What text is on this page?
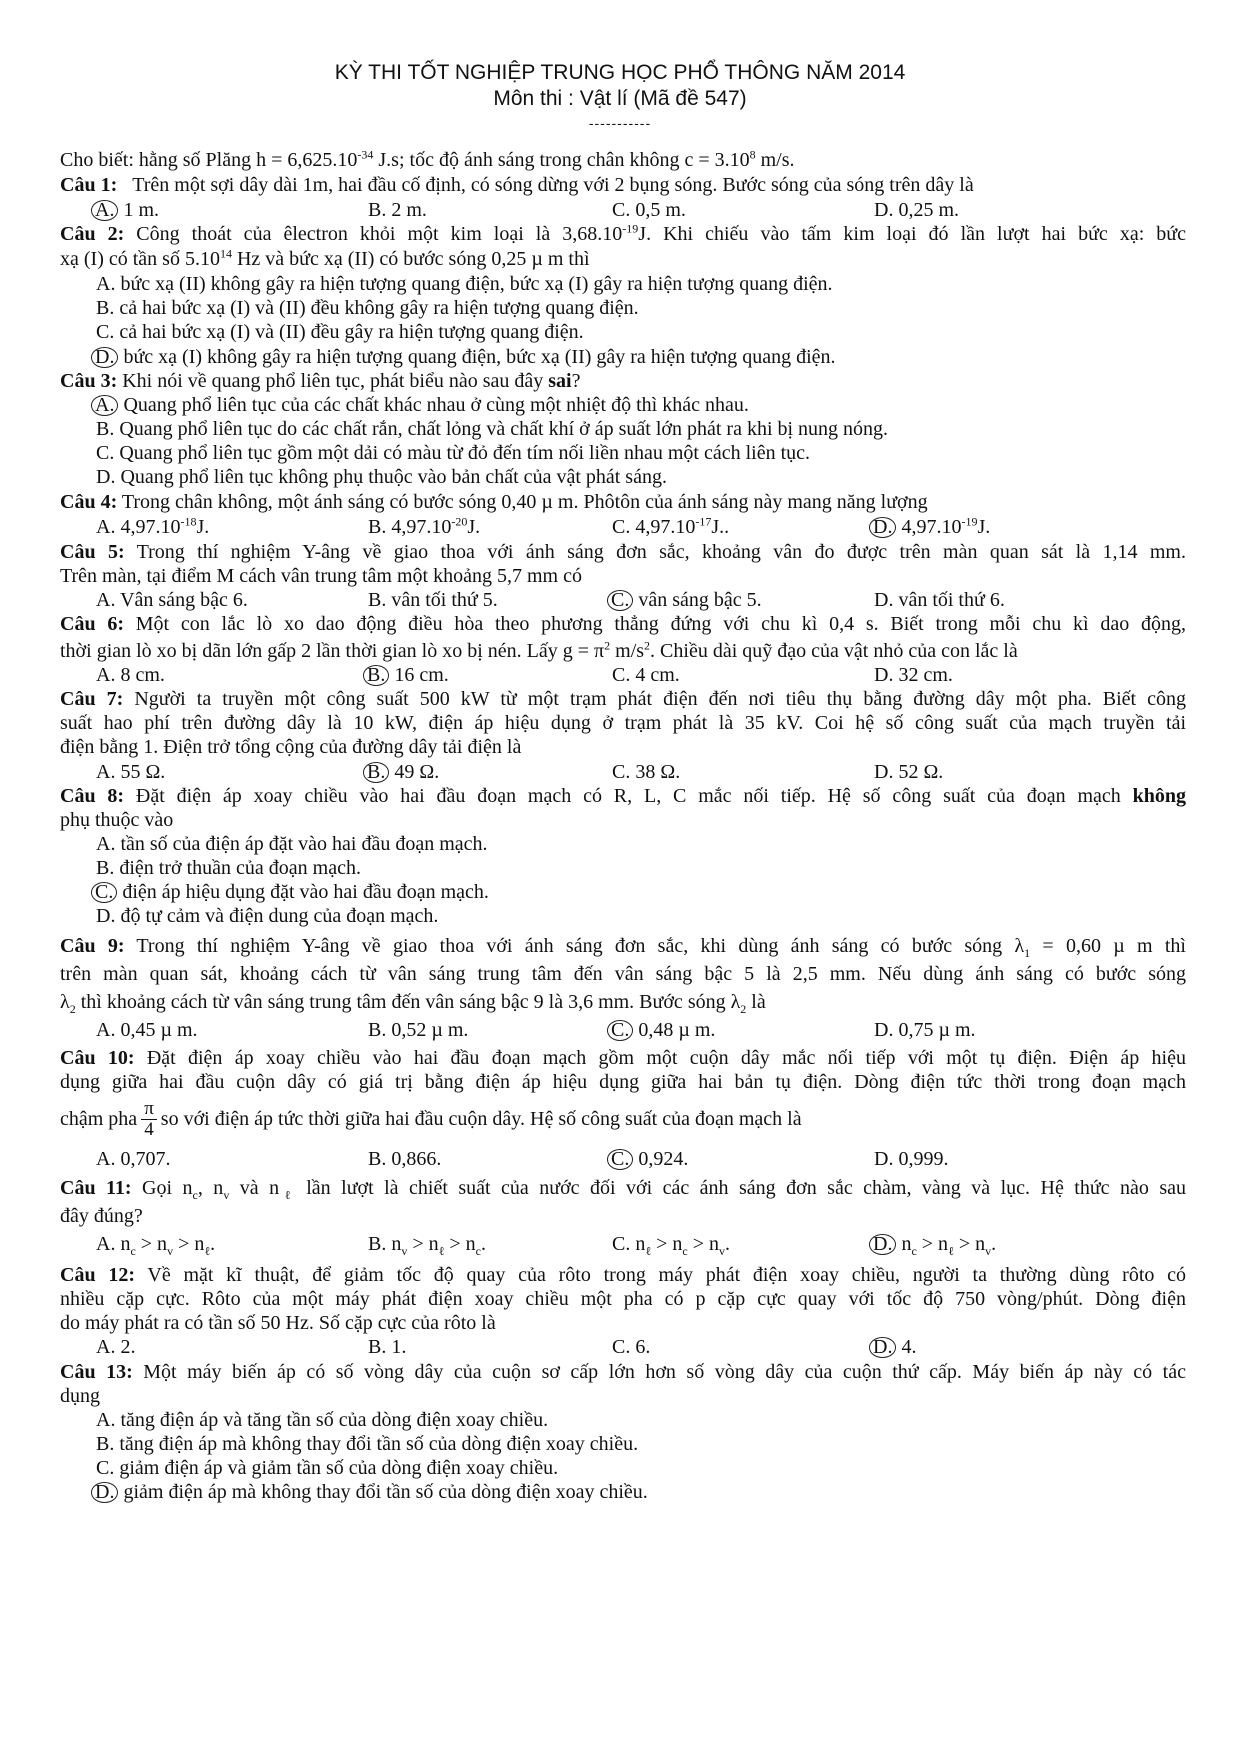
KỲ THI TỐT NGHIỆP TRUNG HỌC PHỔ THÔNG NĂM 2014
Môn thi : Vật lí (Mã đề 547)
-----------
Cho biết: hằng số Plăng $h = 6,625.10^{-34}$ J.s; tốc độ ánh sáng trong chân không $c = 3.10^8$ m/s.
Câu 1: Trên một sợi dây dài 1m, hai đầu cố định, có sóng dừng với 2 bụng sóng. Bước sóng của sóng trên dây là
A. 1 m.	B. 2 m.	C. 0,5 m.	D. 0,25 m.
Câu 2: Công thoát của êlectron khỏi một kim loại là $3,68.10^{-19}J$. Khi chiếu vào tấm kim loại đó lần lượt hai bức xạ: bức
xạ (I) có tần số 5.10$^{14}$ Hz và bức xạ (II) có bước sóng 0,25 µ m thì
A. bức xạ (II) không gây ra hiện tượng quang điện, bức xạ (I) gây ra hiện tượng quang điện.
B. cả hai bức xạ (I) và (II) đều không gây ra hiện tượng quang điện.
C. cả hai bức xạ (I) và (II) đều gây ra hiện tượng quang điện.
D. bức xạ (I) không gây ra hiện tượng quang điện, bức xạ (II) gây ra hiện tượng quang điện.
Câu 3: Khi nói về quang phổ liên tục, phát biểu nào sau đây sai?
A. Quang phổ liên tục của các chất khác nhau ở cùng một nhiệt độ thì khác nhau.
B. Quang phổ liên tục do các chất rắn, chất lỏng và chất khí ở áp suất lớn phát ra khi bị nung nóng.
C. Quang phổ liên tục gồm một dải có màu từ đỏ đến tím nối liền nhau một cách liên tục.
D. Quang phổ liên tục không phụ thuộc vào bản chất của vật phát sáng.
Câu 4: Trong chân không, một ánh sáng có bước sóng 0,40 µ m. Phôtôn của ánh sáng này mang năng lượng
A. $4,97.10^{-18}J$.	B. $4,97.10^{-20}J$.	C. $4,97.10^{-17}J$..	D. $4,97.10^{-19}J$.
Câu 5: Trong thí nghiệm Y-âng về giao thoa với ánh sáng đơn sắc, khoảng vân đo được trên màn quan sát là 1,14 mm.
Trên màn, tại điểm M cách vân trung tâm một khoảng 5,7 mm có
A. Vân sáng bậc 6.	B. vân tối thứ 5.	C. vân sáng bậc 5.	D. vân tối thứ 6.
Câu 6: Một con lắc lò xo dao động điều hòa theo phương thẳng đứng với chu kì 0,4 s. Biết trong mỗi chu kì dao động,
thời gian lò xo bị dãn lớn gấp 2 lần thời gian lò xo bị nén. Lấy $g = \pi^2$ $m/s^2$. Chiều dài quỹ đạo của vật nhỏ của con lắc là
A. 8 cm.	B. 16 cm.	C. 4 cm.	D. 32 cm.
Câu 7: Người ta truyền một công suất 500 kW từ một trạm phát điện đến nơi tiêu thụ bằng đường dây một pha. Biết công
suất hao phí trên đường dây là 10 kW, điện áp hiệu dụng ở trạm phát là 35 kV. Coi hệ số công suất của mạch truyền tải
điện bằng 1. Điện trở tổng cộng của đường dây tải điện là
A. 55 Ω.	B. 49 Ω.	C. 38 Ω.	D. 52 Ω.
Câu 8: Đặt điện áp xoay chiều vào hai đầu đoạn mạch có R, L, C mắc nối tiếp. Hệ số công suất của đoạn mạch không
phụ thuộc vào
A. tần số của điện áp đặt vào hai đầu đoạn mạch.
B. điện trở thuần của đoạn mạch.
C. điện áp hiệu dụng đặt vào hai đầu đoạn mạch.
D. độ tự cảm và điện dung của đoạn mạch.
Câu 9: Trong thí nghiệm Y-âng về giao thoa với ánh sáng đơn sắc, khi dùng ánh sáng có bước sóng $\lambda_1 = 0,60$ µ m thì
trên màn quan sát, khoảng cách từ vân sáng trung tâm đến vân sáng bậc 5 là 2,5 mm. Nếu dùng ánh sáng có bước sóng
$\lambda_2$ thì khoảng cách từ vân sáng trung tâm đến vân sáng bậc 9 là 3,6 mm. Bước sóng $\lambda_2$ là
A. 0,45 µ m.	B. 0,52 µ m.	C. 0,48 µ m.	D. 0,75 µ m.
Câu 10: Đặt điện áp xoay chiều vào hai đầu đoạn mạch gồm một cuộn dây mắc nối tiếp với một tụ điện. Điện áp hiệu
dụng giữa hai đầu cuộn dây có giá trị bằng điện áp hiệu dụng giữa hai bản tụ điện. Dòng điện tức thời trong đoạn mạch
chậm pha $\frac{\pi}{4}$ so với điện áp tức thời giữa hai đầu cuộn dây. Hệ số công suất của đoạn mạch là
A. 0,707.	B. 0,866.	C. 0,924.	D. 0,999.
Câu 11: Gọi $n_c$, $n_v$ và $n_\ell$ lần lượt là chiết suất của nước đối với các ánh sáng đơn sắc chàm, vàng và lục. Hệ thức nào sau
đây đúng?
A. $n_c > n_v > n_\ell$.	B. $n_v > n_\ell > n_c$.	C. $n_\ell > n_c > n_v$.	D. $n_c > n_\ell > n_v$.
Câu 12: Về mặt kĩ thuật, để giảm tốc độ quay của rôto trong máy phát điện xoay chiều, người ta thường dùng rôto có
nhiều cặp cực. Rôto của một máy phát điện xoay chiều một pha có p cặp cực quay với tốc độ 750 vòng/phút. Dòng điện
do máy phát ra có tần số 50 Hz. Số cặp cực của rôto là
A. 2.	B. 1.	C. 6.	D. 4.
Câu 13: Một máy biến áp có số vòng dây của cuộn sơ cấp lớn hơn số vòng dây của cuộn thứ cấp. Máy biến áp này có tác
dụng
A. tăng điện áp và tăng tần số của dòng điện xoay chiều.
B. tăng điện áp mà không thay đổi tần số của dòng điện xoay chiều.
C. giảm điện áp và giảm tần số của dòng điện xoay chiều.
D. giảm điện áp mà không thay đổi tần số của dòng điện xoay chiều.
